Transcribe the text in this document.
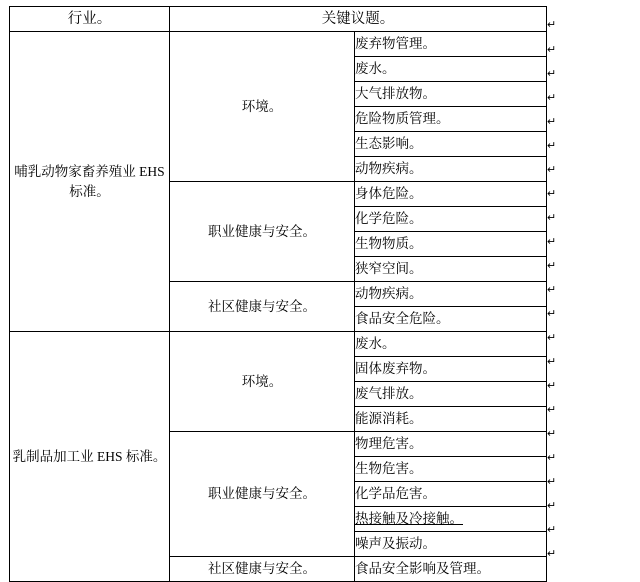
行业。	关键议题。	
哺乳动物家畜养殖业 EHS 标准。	环境。	废弃物管理。
		废水。
		大气排放物。
		危险物质管理。
		生态影响。
		动物疾病。
	职业健康与安全。	身体危险。
		化学危险。
		生物物质。
		狭窄空间。
	社区健康与安全。	动物疾病。
		食品安全危险。
乳制品加工业 EHS 标准。	环境。	废水。
		固体废弃物。
		废气排放。
		能源消耗。
	职业健康与安全。	物理危害。
		生物危害。
		化学品危害。
		热接触及冷接触。
		噪声及振动。
	社区健康与安全。	食品安全影响及管理。
↵
↵
↵
↵
↵
↵
↵
↵
↵
↵
↵
↵
↵
↵
↵
↵
↵
↵
↵
↵
↵
↵
↵
